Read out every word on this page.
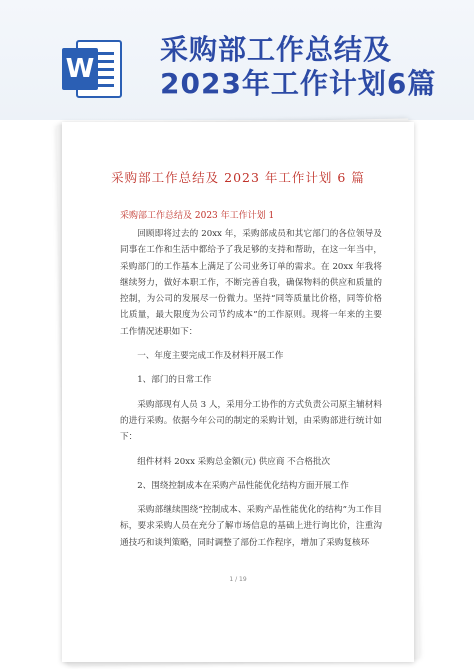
W
采购部工作总结及
2023年工作计划6篇
采购部工作总结及 2023 年工作计划 6 篇
采购部工作总结及 2023 年工作计划 1

回顾即将过去的 20xx 年，采购部成员和其它部门的各位领导及同事在工作和生活中都给予了我足够的支持和帮助，在这一年当中，采购部门的工作基本上满足了公司业务订单的需求。在 20xx 年我将继续努力，做好本职工作，不断完善自我，确保物料的供应和质量的控制，为公司的发展尽一份微力。坚持“同等质量比价格，同等价格比质量，最大限度为公司节约成本”的工作原则。现将一年来的主要工作情况述职如下：

一、年度主要完成工作及材料开展工作

1、部门的日常工作

采购部现有人员 3 人，采用分工协作的方式负责公司原主辅材料的进行采购。依据今年公司的制定的采购计划，由采购部进行统计如下：

组件材料 20xx 采购总金额(元) 供应商 不合格批次

2、围绕控制成本在采购产品性能优化结构方面开展工作

采购部继续围绕“控制成本、采购产品性能优化的结构”为工作目标，要求采购人员在充分了解市场信息的基础上进行询比价，注重沟通技巧和谈判策略，同时调整了部份工作程序，增加了采购复核环

1 / 19
